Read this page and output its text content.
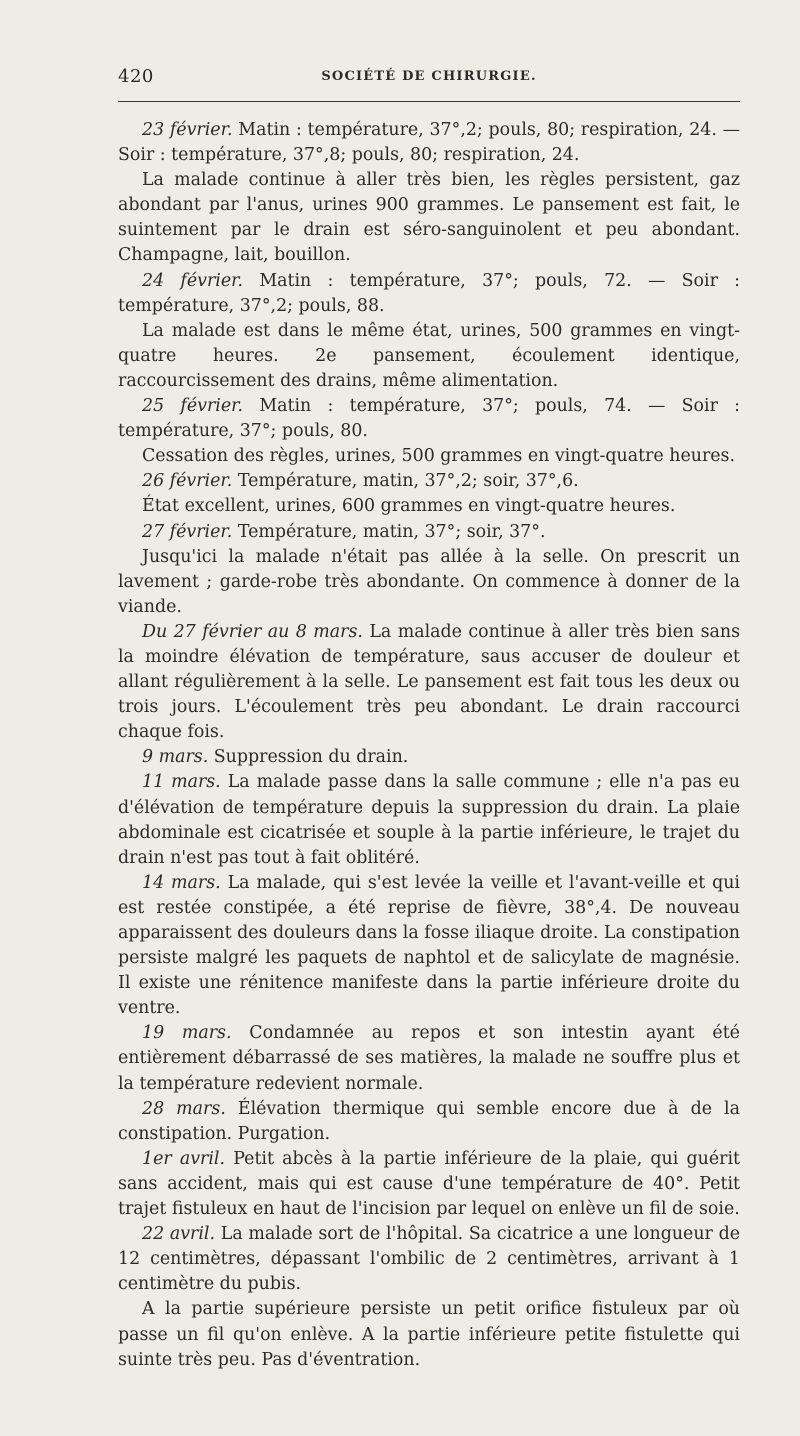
420	SOCIÉTÉ DE CHIRURGIE.

23 février. Matin : température, 37°,2; pouls, 80; respiration, 24. — Soir : température, 37°,8; pouls, 80; respiration, 24.

La malade continue à aller très bien, les règles persistent, gaz abondant par l'anus, urines 900 grammes. Le pansement est fait, le suintement par le drain est séro-sanguinolent et peu abondant. Champagne, lait, bouillon.

24 février. Matin : température, 37°; pouls, 72. — Soir : température, 37°,2; pouls, 88.

La malade est dans le même état, urines, 500 grammes en vingt-quatre heures. 2e pansement, écoulement identique, raccourcissement des drains, même alimentation.

25 février. Matin : température, 37°; pouls, 74. — Soir : température, 37°; pouls, 80.

Cessation des règles, urines, 500 grammes en vingt-quatre heures.

26 février. Température, matin, 37°,2; soir, 37°,6.

État excellent, urines, 600 grammes en vingt-quatre heures.

27 février. Température, matin, 37°; soir, 37°.

Jusqu'ici la malade n'était pas allée à la selle. On prescrit un lavement ; garde-robe très abondante. On commence à donner de la viande.

Du 27 février au 8 mars. La malade continue à aller très bien sans la moindre élévation de température, saus accuser de douleur et allant régulièrement à la selle. Le pansement est fait tous les deux ou trois jours. L'écoulement très peu abondant. Le drain raccourci chaque fois.

9 mars. Suppression du drain.

11 mars. La malade passe dans la salle commune ; elle n'a pas eu d'élévation de température depuis la suppression du drain. La plaie abdominale est cicatrisée et souple à la partie inférieure, le trajet du drain n'est pas tout à fait oblitéré.

14 mars. La malade, qui s'est levée la veille et l'avant-veille et qui est restée constipée, a été reprise de fièvre, 38°,4. De nouveau apparaissent des douleurs dans la fosse iliaque droite. La constipation persiste malgré les paquets de naphtol et de salicylate de magnésie. Il existe une rénitence manifeste dans la partie inférieure droite du ventre.

19 mars. Condamnée au repos et son intestin ayant été entièrement débarrassé de ses matières, la malade ne souffre plus et la température redevient normale.

28 mars. Élévation thermique qui semble encore due à de la constipation. Purgation.

1er avril. Petit abcès à la partie inférieure de la plaie, qui guérit sans accident, mais qui est cause d'une température de 40°. Petit trajet fistuleux en haut de l'incision par lequel on enlève un fil de soie.

22 avril. La malade sort de l'hôpital. Sa cicatrice a une longueur de 12 centimètres, dépassant l'ombilic de 2 centimètres, arrivant à 1 centimètre du pubis.

A la partie supérieure persiste un petit orifice fistuleux par où passe un fil qu'on enlève. A la partie inférieure petite fistulette qui suinte très peu. Pas d'éventration.
